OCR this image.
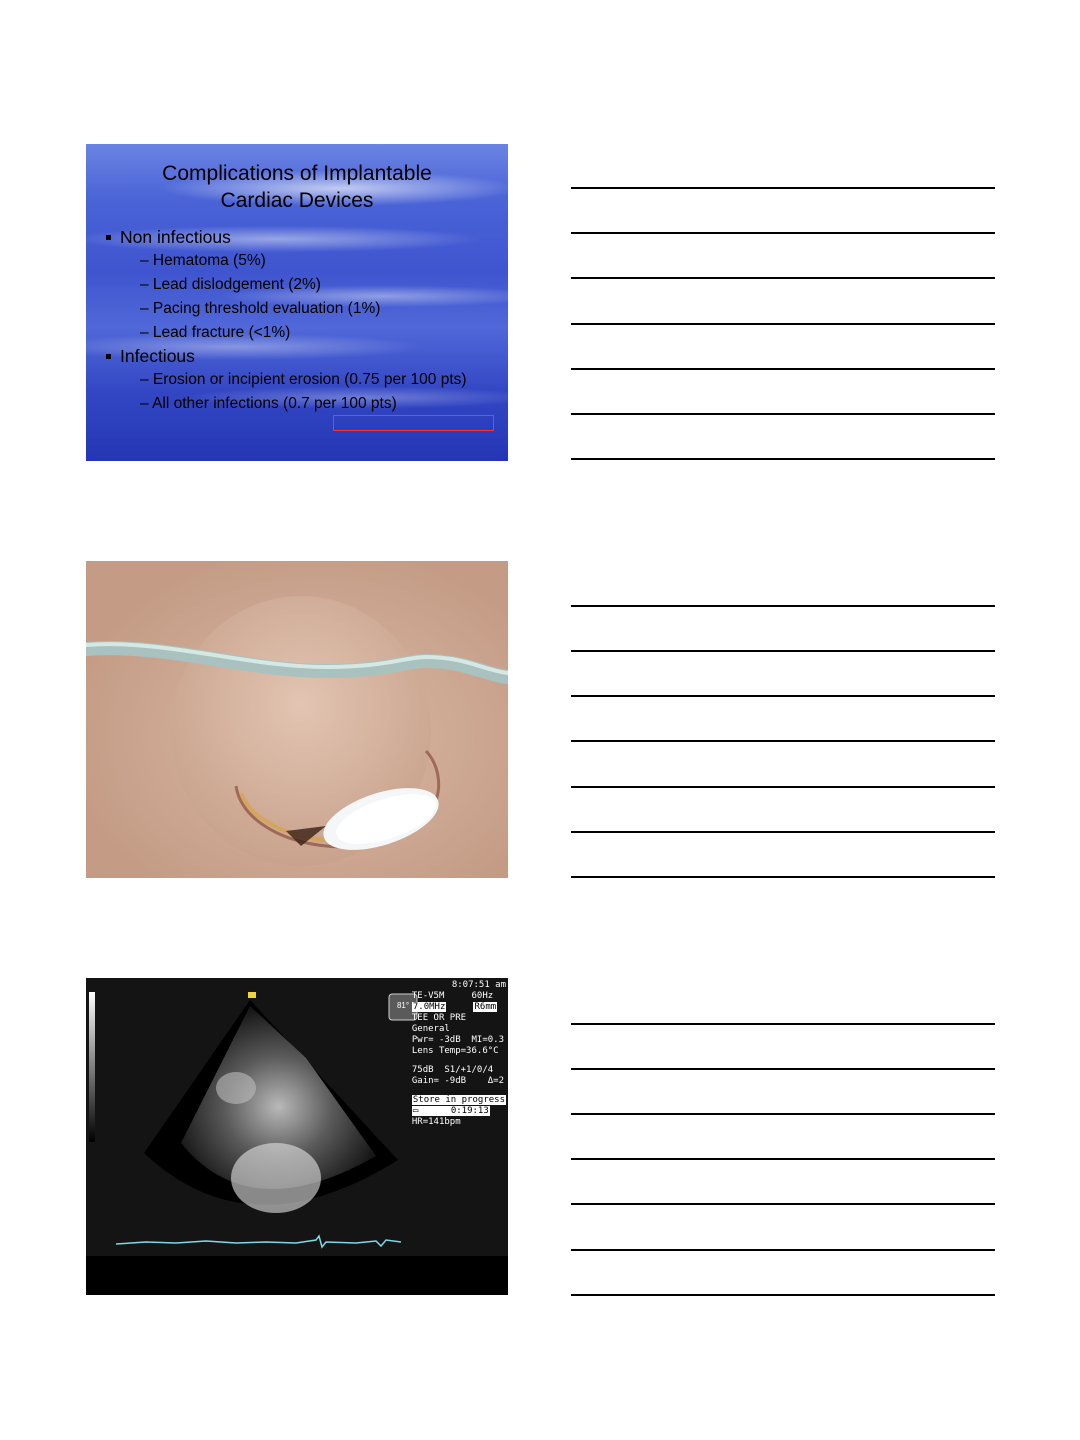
Complications of Implantable
Cardiac Devices
Non infectious
– Hematoma (5%)
– Lead dislodgement (2%)
– Pacing threshold evaluation (1%)
– Lead fracture (<1%)
Infectious
– Erosion or incipient erosion (0.75 per 100 pts)
– All other infections (0.7 per 100 pts)
81°
8:07:51 am
TE-V5M	60Hz
7.0MHz	R6mm
TEE OR PRE
General
Pwr= -3dB  MI=0.3
Lens Temp=36.6°C
75dB  S1/+1/0/4
Gain= -9dB    Δ=2
Store in progress
▭      0:19:13
HR=141bpm
